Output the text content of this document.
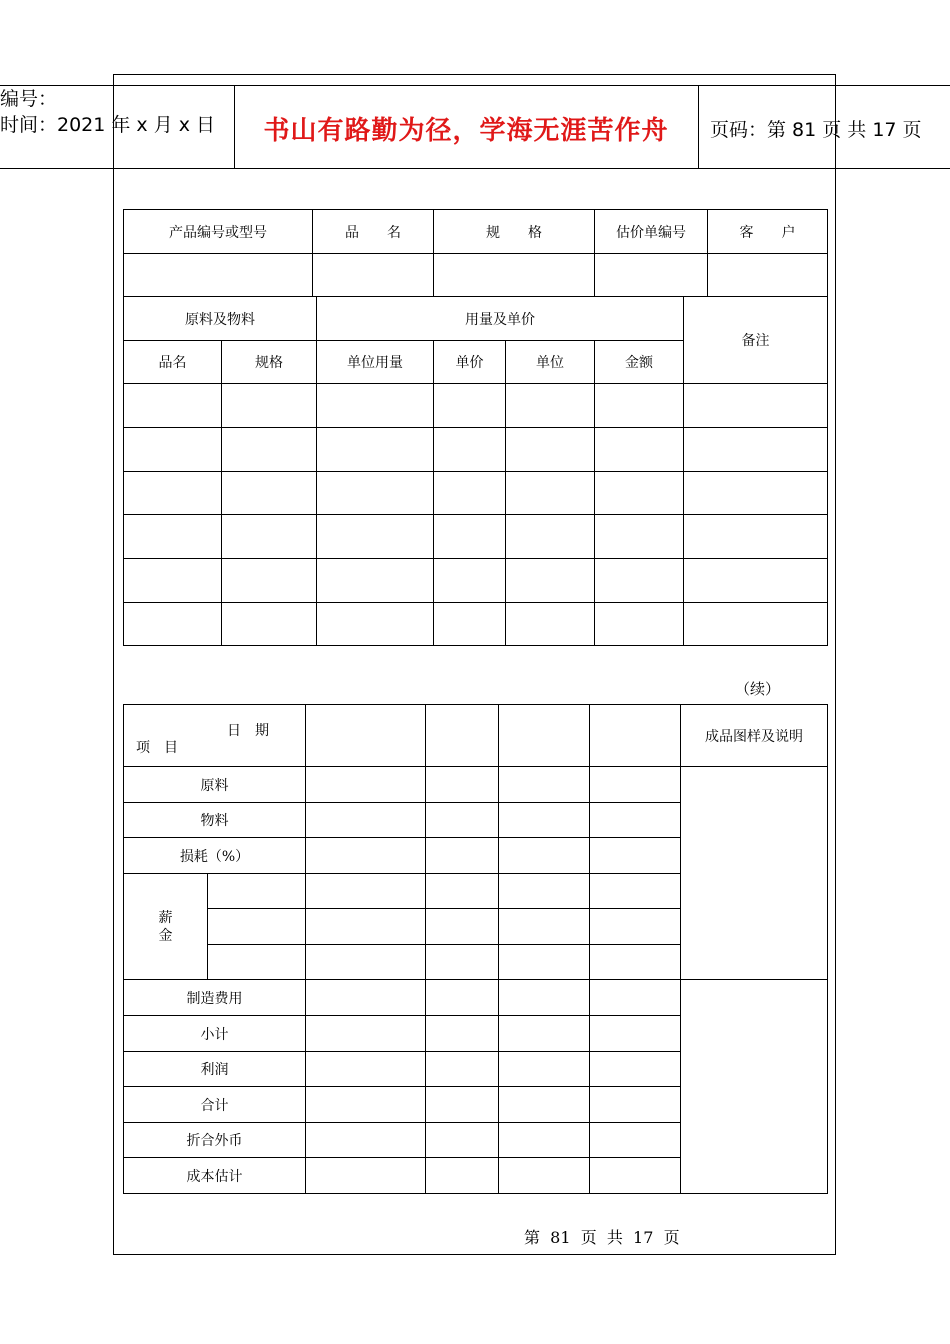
编号：
时间：2021 年 x 月 x 日	书山有路勤为径，学海无涯苦作舟	页码：第 81 页 共 17 页
产品编号或型号	品　　名	规　　格	估价单编号	客　　户

原料及物料		用量及单价				备注
品名	规格	单位用量	单价	单位	金额	

（续）
日　期
项　目						成品图样及说明
原料						
物料						
损耗（%）						
薪金						

制造费用						
小计						
利润						
合计						
折合外币						
成本估计						
第  81  页  共  17  页
